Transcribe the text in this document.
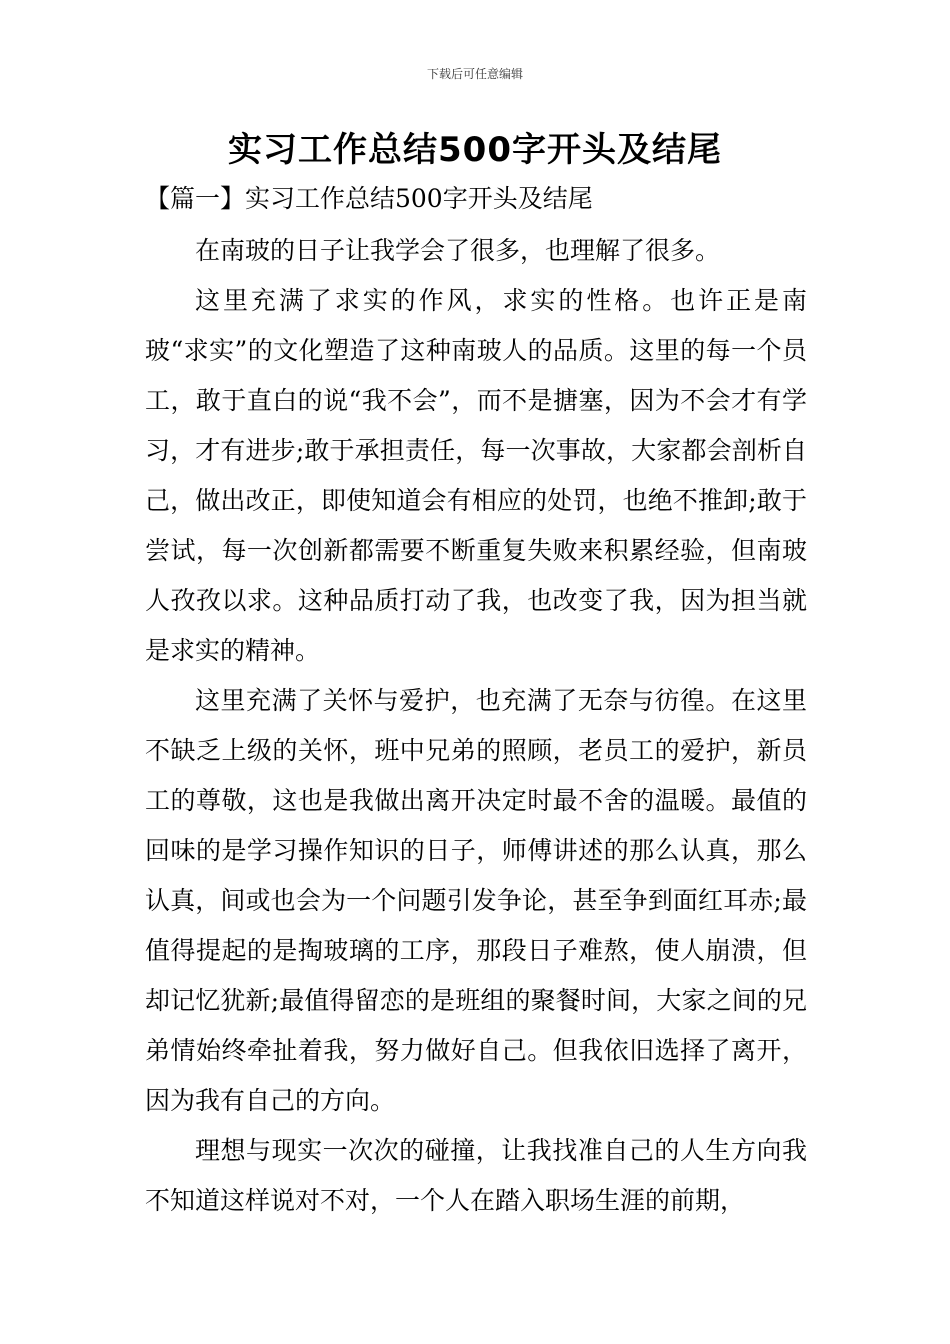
下载后可任意编辑
实习工作总结500字开头及结尾
【篇一】实习工作总结500字开头及结尾

在南玻的日子让我学会了很多，也理解了很多。

这里充满了求实的作风，求实的性格。也许正是南玻“求实”的文化塑造了这种南玻人的品质。这里的每一个员工，敢于直白的说“我不会”，而不是搪塞，因为不会才有学习，才有进步;敢于承担责任，每一次事故，大家都会剖析自己，做出改正，即使知道会有相应的处罚，也绝不推卸;敢于尝试，每一次创新都需要不断重复失败来积累经验，但南玻人孜孜以求。这种品质打动了我，也改变了我，因为担当就是求实的精神。

这里充满了关怀与爱护，也充满了无奈与彷徨。在这里不缺乏上级的关怀，班中兄弟的照顾，老员工的爱护，新员工的尊敬，这也是我做出离开决定时最不舍的温暖。最值的回味的是学习操作知识的日子，师傅讲述的那么认真，那么认真，间或也会为一个问题引发争论，甚至争到面红耳赤;最值得提起的是掏玻璃的工序，那段日子难熬，使人崩溃，但却记忆犹新;最值得留恋的是班组的聚餐时间，大家之间的兄弟情始终牵扯着我，努力做好自己。但我依旧选择了离开，因为我有自己的方向。

理想与现实一次次的碰撞，让我找准自己的人生方向我不知道这样说对不对，一个人在踏入职场生涯的前期，
